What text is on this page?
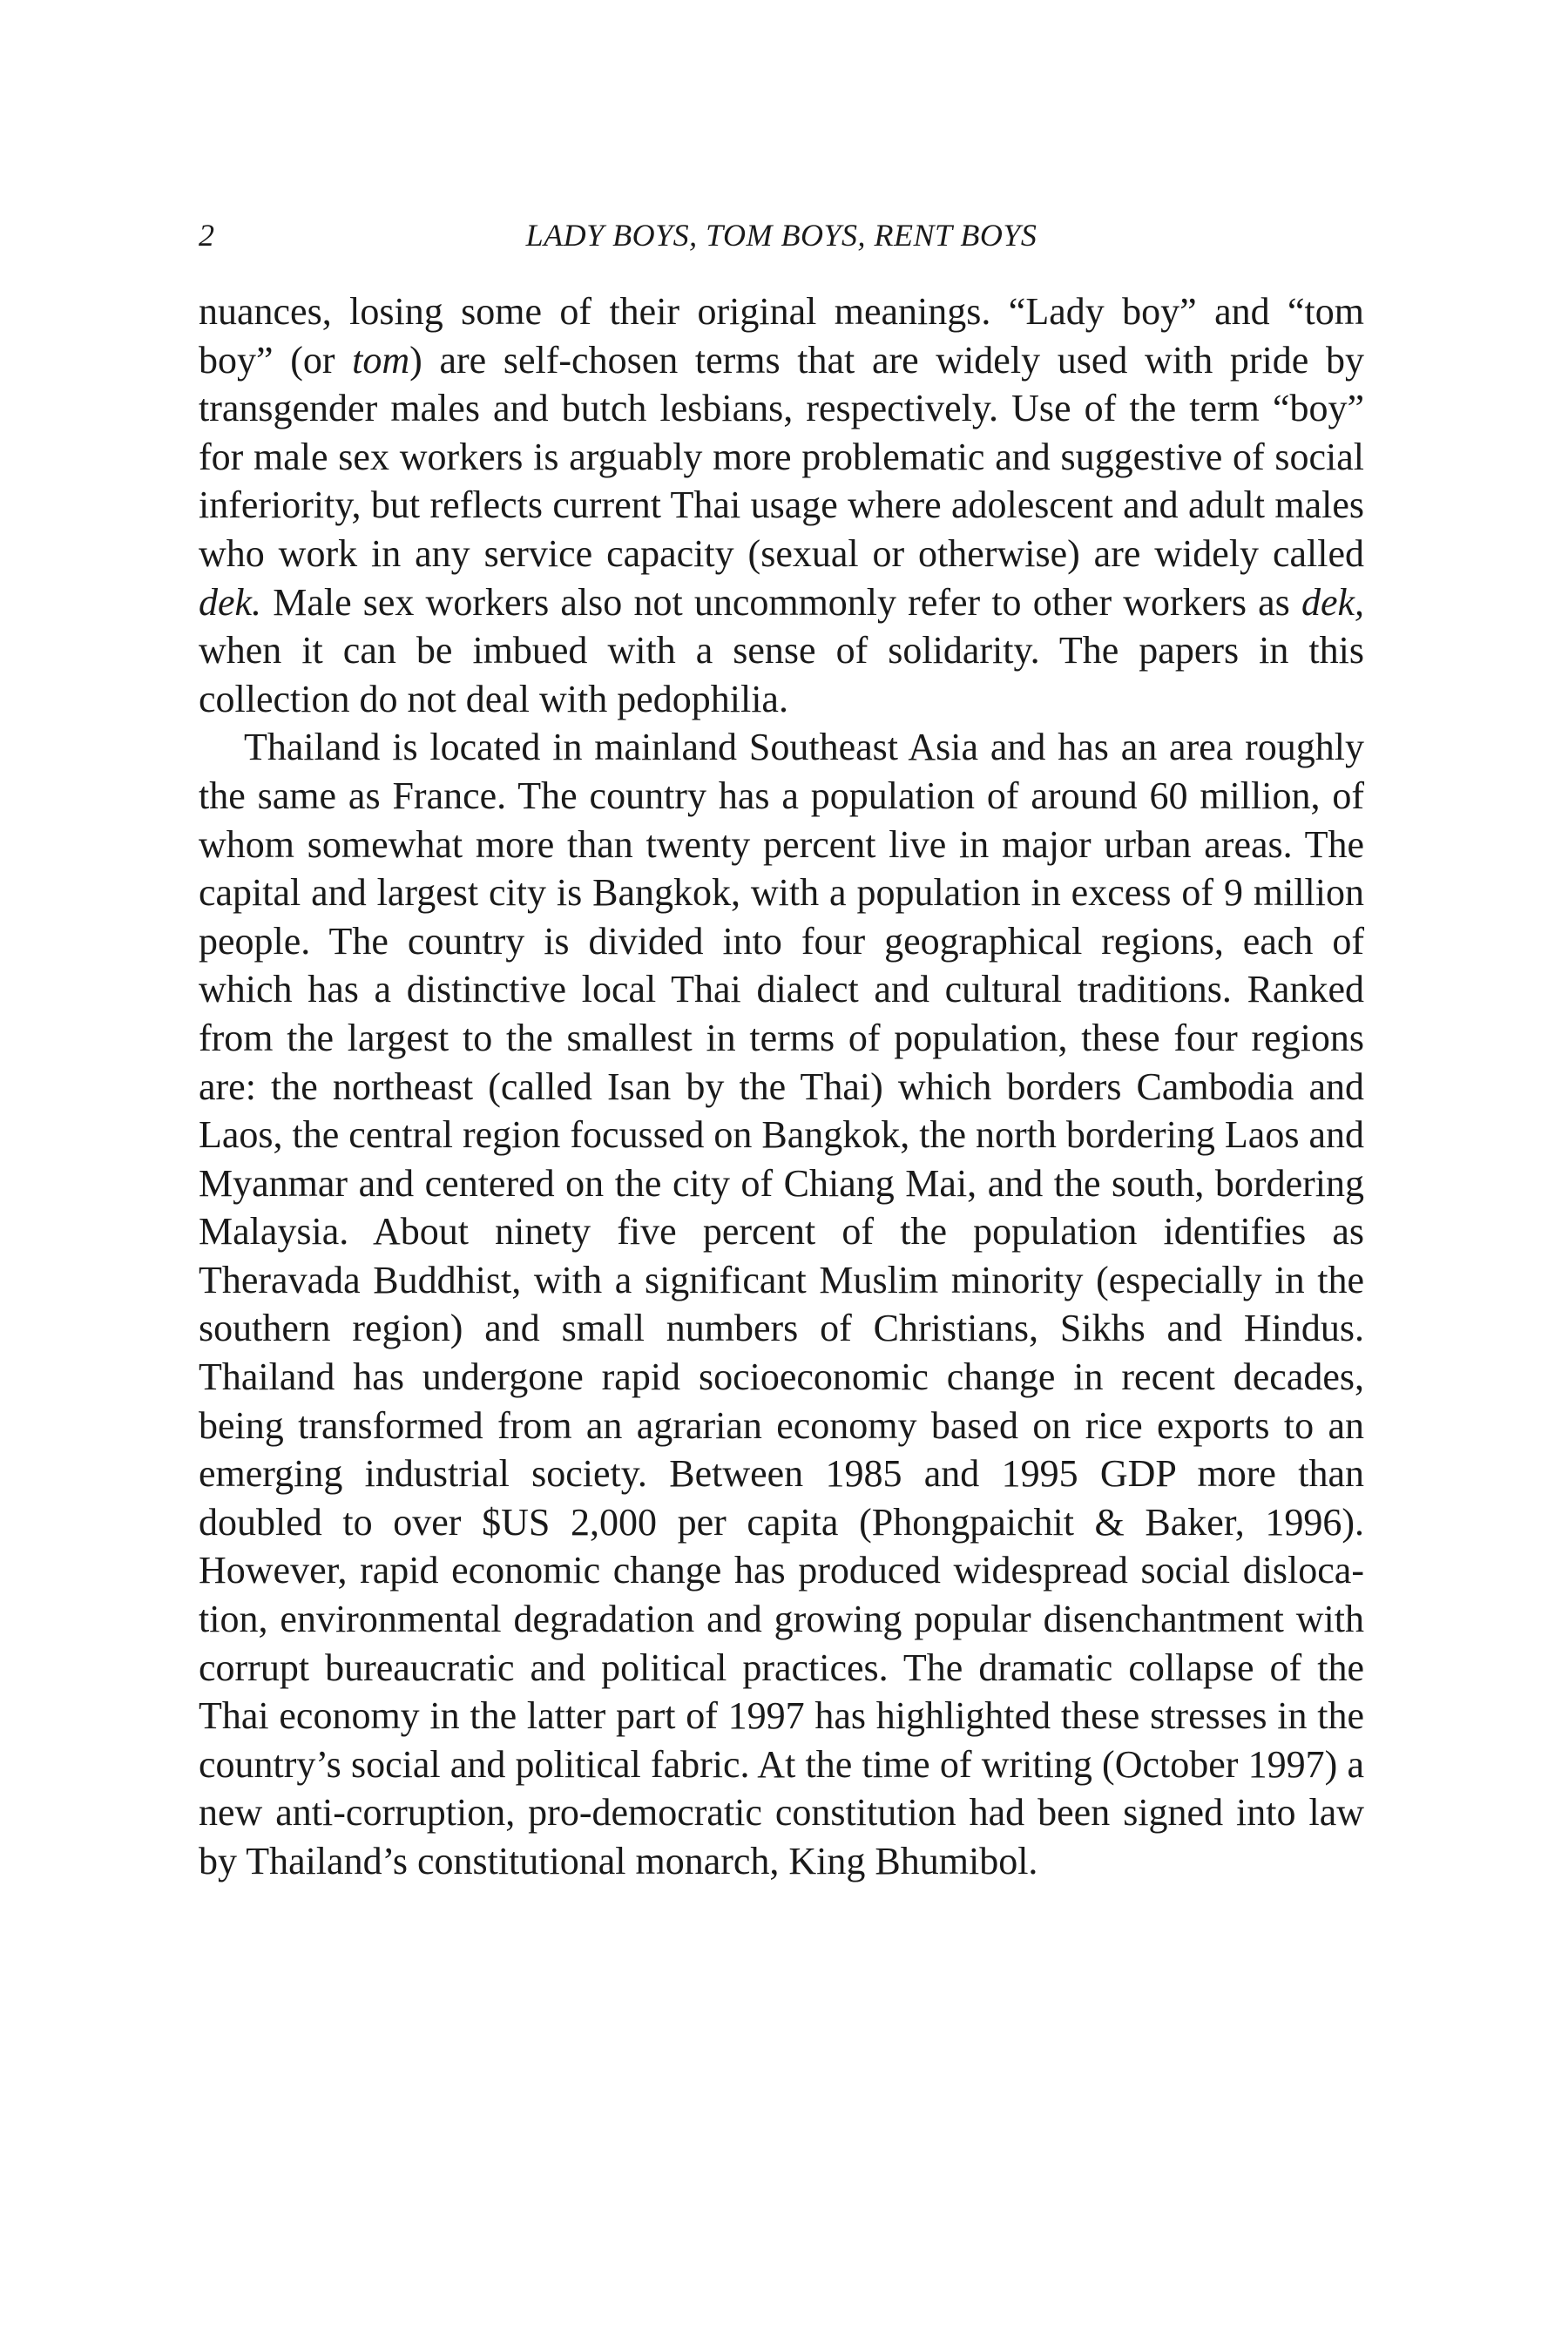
2	LADY BOYS, TOM BOYS, RENT BOYS

nuances, losing some of their original meanings. “Lady boy” and “tom boy” (or tom) are self-chosen terms that are widely used with pride by transgender males and butch lesbians, respectively. Use of the term “boy” for male sex workers is arguably more problematic and suggestive of social inferiority, but reflects current Thai usage where adolescent and adult males who work in any service capacity (sexual or otherwise) are widely called dek. Male sex workers also not uncommonly refer to other workers as dek, when it can be imbued with a sense of solidarity. The papers in this collection do not deal with pedophilia.

Thailand is located in mainland Southeast Asia and has an area roughly the same as France. The country has a population of around 60 million, of whom somewhat more than twenty percent live in major urban areas. The capital and largest city is Bangkok, with a population in excess of 9 million people. The country is divided into four geographical regions, each of which has a distinctive local Thai dialect and cultural traditions. Ranked from the largest to the smallest in terms of population, these four regions are: the northeast (called Isan by the Thai) which borders Cambodia and Laos, the central region focussed on Bangkok, the north bordering Laos and Myanmar and centered on the city of Chiang Mai, and the south, bordering Malaysia. About ninety five percent of the population identifies as Theravada Buddhist, with a significant Muslim minority (especially in the southern region) and small numbers of Christians, Sikhs and Hindus. Thailand has undergone rapid socioeconomic change in recent decades, being transformed from an agrarian economy based on rice exports to an emerging industrial society. Between 1985 and 1995 GDP more than doubled to over $US 2,000 per capita (Phongpaichit & Baker, 1996). However, rapid economic change has produced widespread social dislocation, environmental degradation and growing popular disenchantment with corrupt bureaucratic and political practices. The dramatic collapse of the Thai economy in the latter part of 1997 has highlighted these stresses in the country’s social and political fabric. At the time of writing (October 1997) a new anti-corruption, pro-democratic constitution had been signed into law by Thailand’s constitutional monarch, King Bhumibol.
